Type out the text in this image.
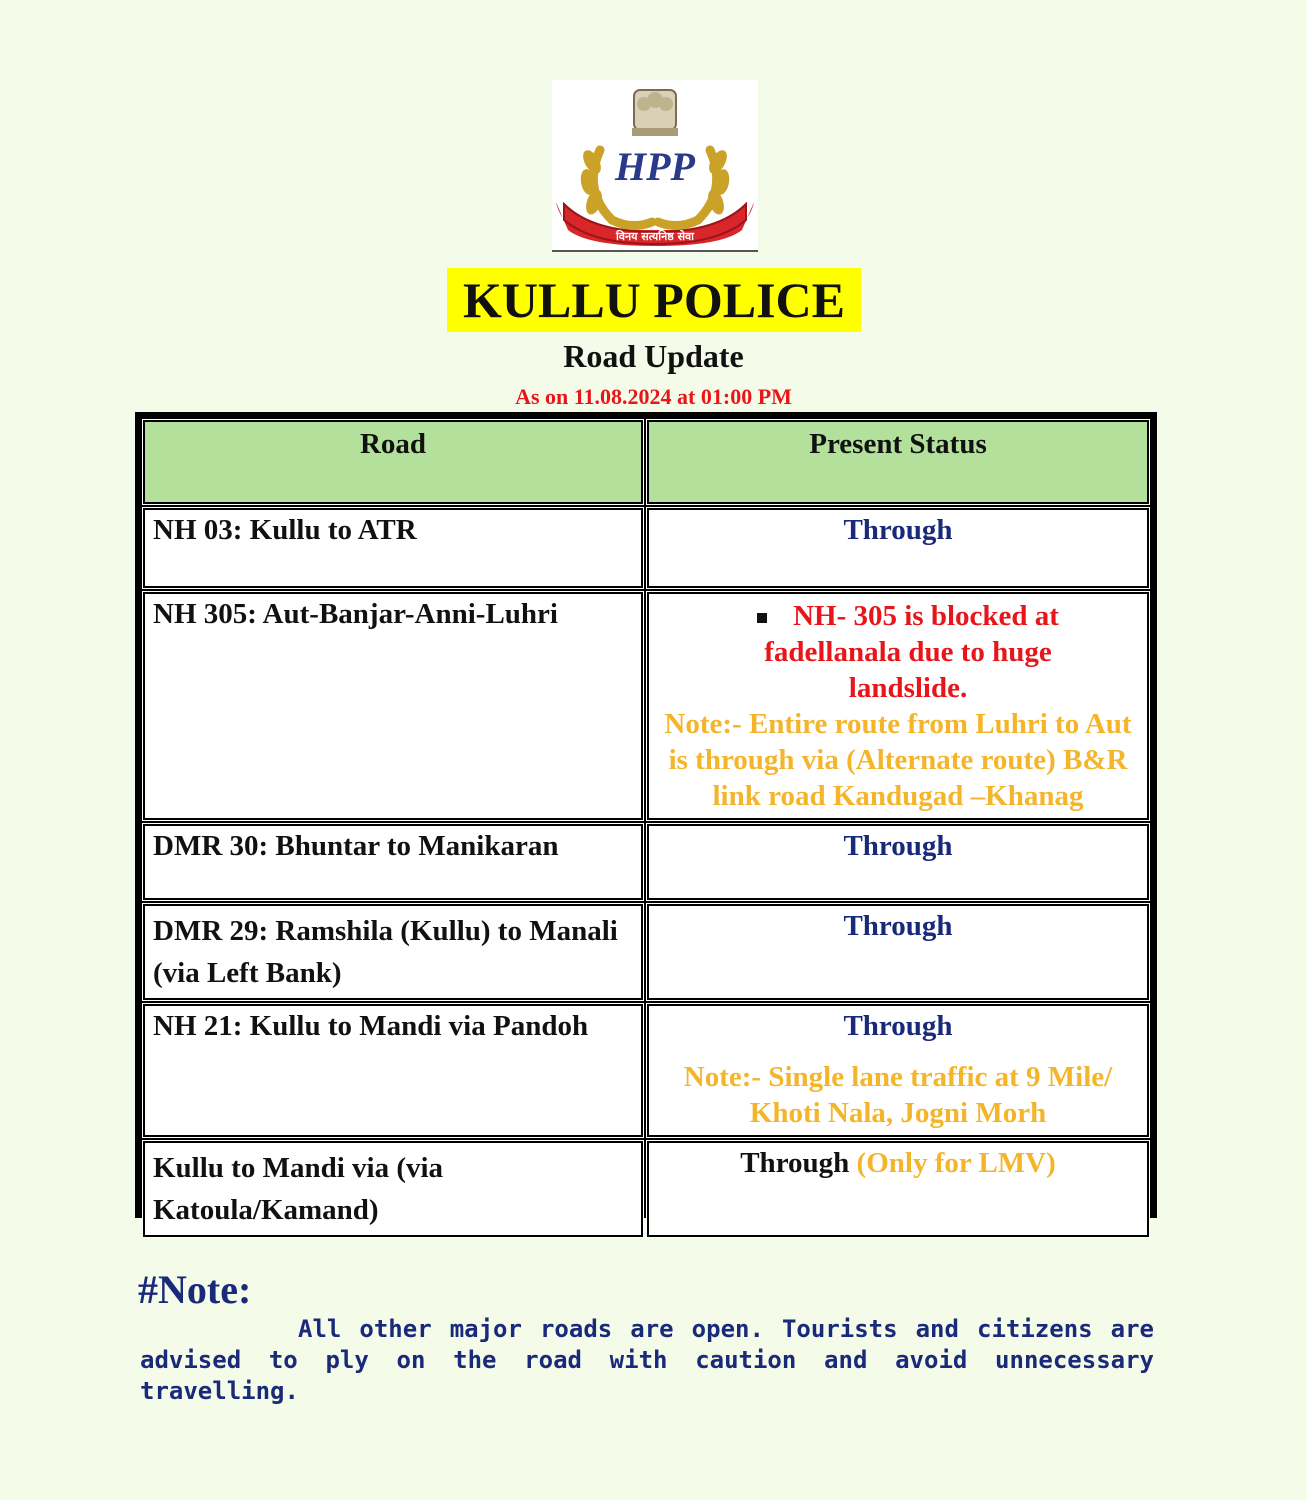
HPP
विनय सत्यनिष्ठ सेवा
KULLU POLICE
Road Update
As on 11.08.2024 at 01:00 PM
Road	Present Status
NH 03: Kullu to ATR	Through
NH 305: Aut-Banjar-Anni-Luhri	NH- 305 is blocked at fadellanala due to huge landslide.
Note:- Entire route from Luhri to Aut is through via (Alternate route) B&R link road Kandugad –Khanag

DMR 30: Bhuntar to Manikaran	Through
DMR 29: Ramshila (Kullu) to Manali (via Left Bank)	Through
NH 21: Kullu to Mandi via Pandoh	Through
Note:- Single lane traffic at 9 Mile/ Khoti Nala, Jogni Morh

Kullu to Mandi via (via Katoula/Kamand)	Through (Only for LMV)
#Note:
All other major roads are open. Tourists and citizens are advised to ply on the road with caution and avoid unnecessary travelling.
